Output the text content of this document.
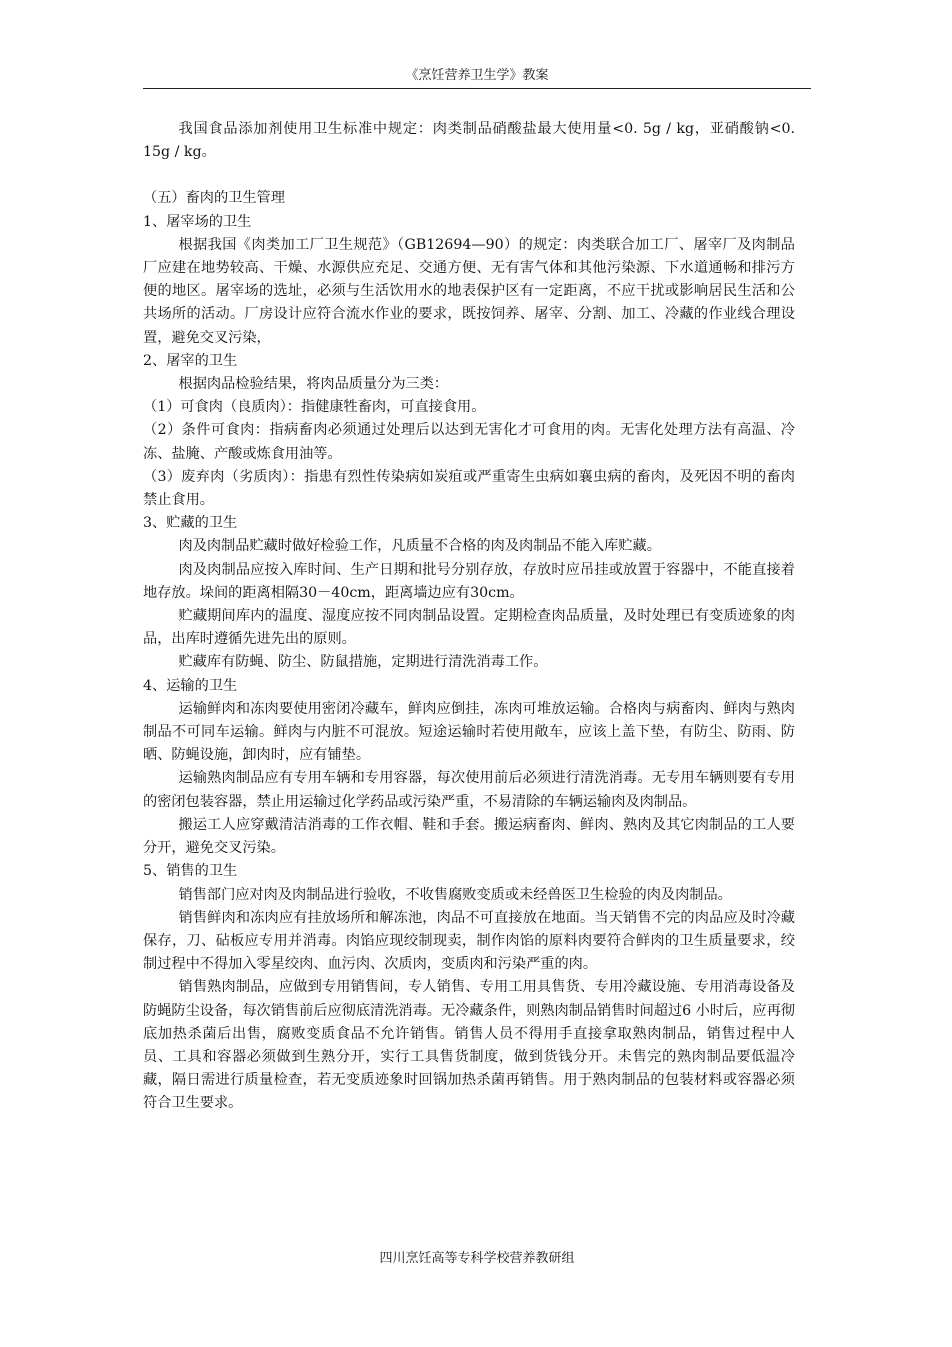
《烹饪营养卫生学》教案

我国食品添加剂使用卫生标准中规定：肉类制品硝酸盐最大使用量<0. 5g / kg，亚硝酸钠<0. 15g / kg。

（五）畜肉的卫生管理

1、屠宰场的卫生

根据我国《肉类加工厂卫生规范》（GB12694—90）的规定：肉类联合加工厂、屠宰厂及肉制品厂应建在地势较高、干燥、水源供应充足、交通方便、无有害气体和其他污染源、下水道通畅和排污方便的地区。屠宰场的选址，必须与生活饮用水的地表保护区有一定距离，不应干扰或影响居民生活和公共场所的活动。厂房设计应符合流水作业的要求，既按饲养、屠宰、分割、加工、冷藏的作业线合理设置，避免交叉污染，

2、屠宰的卫生

根据肉品检验结果，将肉品质量分为三类：

（1）可食肉（良质肉）：指健康牲畜肉，可直接食用。

（2）条件可食肉：指病畜肉必须通过处理后以达到无害化才可食用的肉。无害化处理方法有高温、冷冻、盐腌、产酸或炼食用油等。

（3）废弃肉（劣质肉）：指患有烈性传染病如炭疽或严重寄生虫病如襄虫病的畜肉，及死因不明的畜肉禁止食用。

3、贮藏的卫生

肉及肉制品贮藏时做好检验工作，凡质量不合格的肉及肉制品不能入库贮藏。

肉及肉制品应按入库时间、生产日期和批号分别存放，存放时应吊挂或放置于容器中，不能直接着地存放。垛间的距离相隔30－40cm，距离墙边应有30cm。

贮藏期间库内的温度、湿度应按不同肉制品设置。定期检查肉品质量，及时处理已有变质迹象的肉品，出库时遵循先进先出的原则。

贮藏库有防蝇、防尘、防鼠措施，定期进行清洗消毒工作。

4、运输的卫生

运输鲜肉和冻肉要使用密闭冷藏车，鲜肉应倒挂，冻肉可堆放运输。合格肉与病畜肉、鲜肉与熟肉制品不可同车运输。鲜肉与内脏不可混放。短途运输时若使用敞车，应该上盖下垫，有防尘、防雨、防晒、防蝇设施，卸肉时，应有铺垫。

运输熟肉制品应有专用车辆和专用容器，每次使用前后必须进行清洗消毒。无专用车辆则要有专用的密闭包装容器，禁止用运输过化学药品或污染严重，不易清除的车辆运输肉及肉制品。

搬运工人应穿戴清洁消毒的工作衣帽、鞋和手套。搬运病畜肉、鲜肉、熟肉及其它肉制品的工人要分开，避免交叉污染。

5、销售的卫生

销售部门应对肉及肉制品进行验收，不收售腐败变质或未经兽医卫生检验的肉及肉制品。

销售鲜肉和冻肉应有挂放场所和解冻池，肉品不可直接放在地面。当天销售不完的肉品应及时冷藏保存，刀、砧板应专用并消毒。肉馅应现绞制现卖，制作肉馅的原料肉要符合鲜肉的卫生质量要求，绞制过程中不得加入零星绞肉、血污肉、次质肉，变质肉和污染严重的肉。

销售熟肉制品，应做到专用销售间，专人销售、专用工用具售货、专用冷藏设施、专用消毒设备及防蝇防尘设备，每次销售前后应彻底清洗消毒。无冷藏条件，则熟肉制品销售时间超过6 小时后，应再彻底加热杀菌后出售，腐败变质食品不允许销售。销售人员不得用手直接拿取熟肉制品，销售过程中人员、工具和容器必须做到生熟分开，实行工具售货制度，做到货钱分开。未售完的熟肉制品要低温冷藏，隔日需进行质量检查，若无变质迹象时回锅加热杀菌再销售。用于熟肉制品的包装材料或容器必须符合卫生要求。

四川烹饪高等专科学校营养教研组
